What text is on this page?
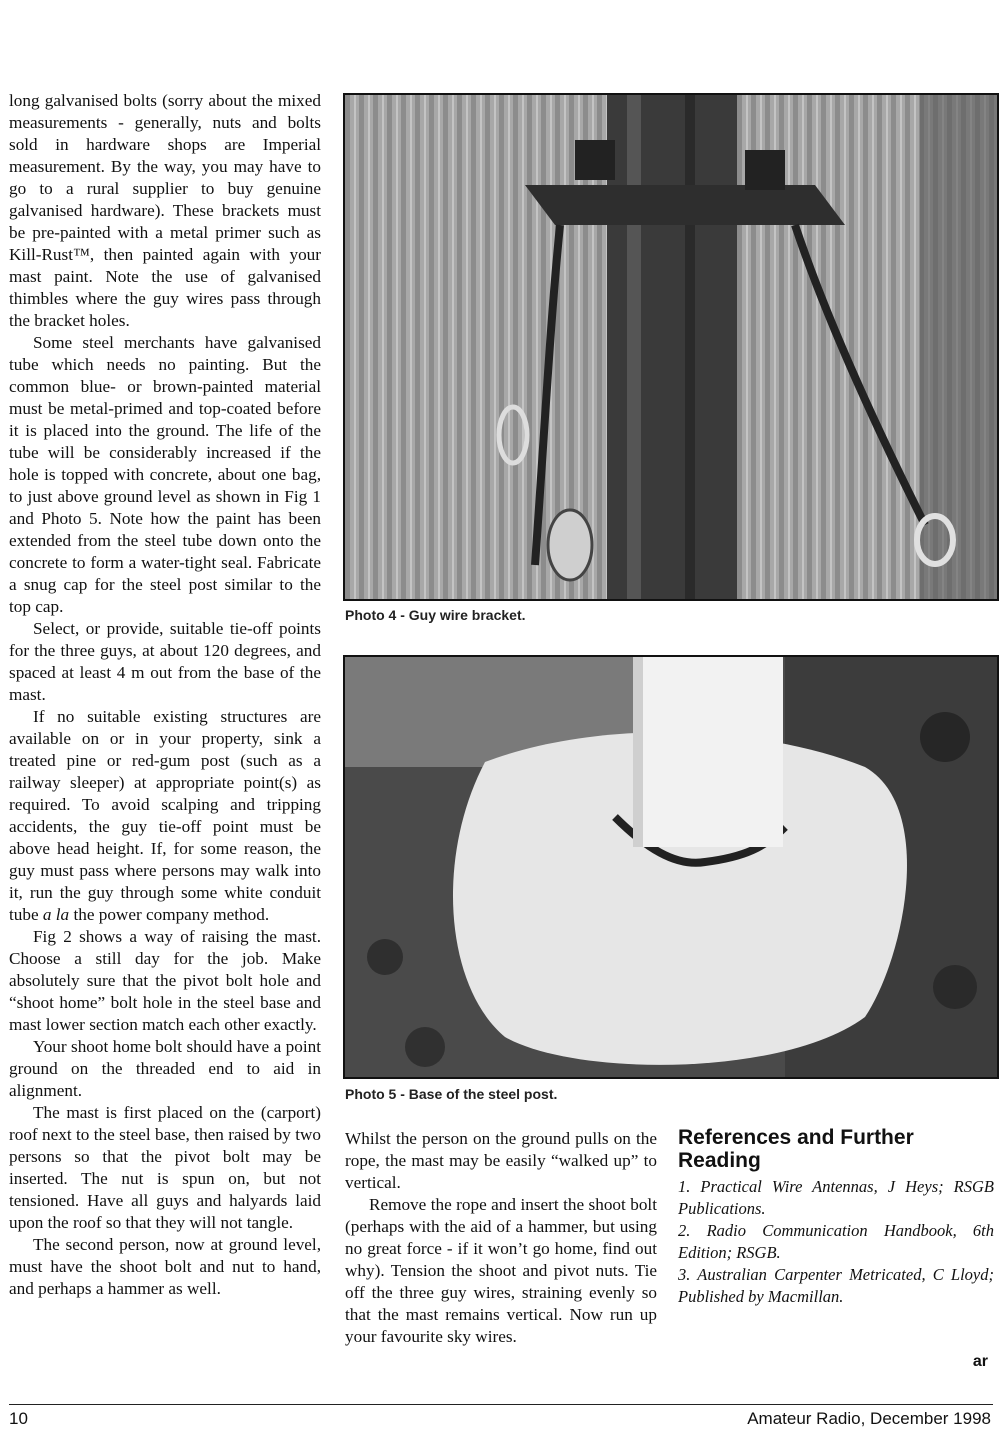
long galvanised bolts (sorry about the mixed measurements - generally, nuts and bolts sold in hardware shops are Imperial measurement. By the way, you may have to go to a rural supplier to buy genuine galvanised hardware). These brackets must be pre-painted with a metal primer such as Kill-Rust™, then painted again with your mast paint. Note the use of galvanised thimbles where the guy wires pass through the bracket holes.

Some steel merchants have galvanised tube which needs no painting. But the common blue- or brown-painted material must be metal-primed and top-coated before it is placed into the ground. The life of the tube will be considerably increased if the hole is topped with concrete, about one bag, to just above ground level as shown in Fig 1 and Photo 5. Note how the paint has been extended from the steel tube down onto the concrete to form a water-tight seal. Fabricate a snug cap for the steel post similar to the top cap.

Select, or provide, suitable tie-off points for the three guys, at about 120 degrees, and spaced at least 4 m out from the base of the mast.

If no suitable existing structures are available on or in your property, sink a treated pine or red-gum post (such as a railway sleeper) at appropriate point(s) as required. To avoid scalping and tripping accidents, the guy tie-off point must be above head height. If, for some reason, the guy must pass where persons may walk into it, run the guy through some white conduit tube a la the power company method.

Fig 2 shows a way of raising the mast. Choose a still day for the job. Make absolutely sure that the pivot bolt hole and “shoot home” bolt hole in the steel base and mast lower section match each other exactly.

Your shoot home bolt should have a point ground on the threaded end to aid in alignment.

The mast is first placed on the (carport) roof next to the steel base, then raised by two persons so that the pivot bolt may be inserted. The nut is spun on, but not tensioned. Have all guys and halyards laid upon the roof so that they will not tangle.

The second person, now at ground level, must have the shoot bolt and nut to hand, and perhaps a hammer as well.

Photo 4 - Guy wire bracket.
Photo 5 - Base of the steel post.

Whilst the person on the ground pulls on the rope, the mast may be easily “walked up” to vertical.

Remove the rope and insert the shoot bolt (perhaps with the aid of a hammer, but using no great force - if it won’t go home, find out why). Tension the shoot and pivot nuts. Tie off the three guy wires, straining evenly so that the mast remains vertical. Now run up your favourite sky wires.

References and Further Reading

1. Practical Wire Antennas, J Heys; RSGB Publications.

2. Radio Communication Handbook, 6th Edition; RSGB.

3. Australian Carpenter Metricated, C Lloyd; Published by Macmillan.

ar
10	Amateur Radio, December 1998
